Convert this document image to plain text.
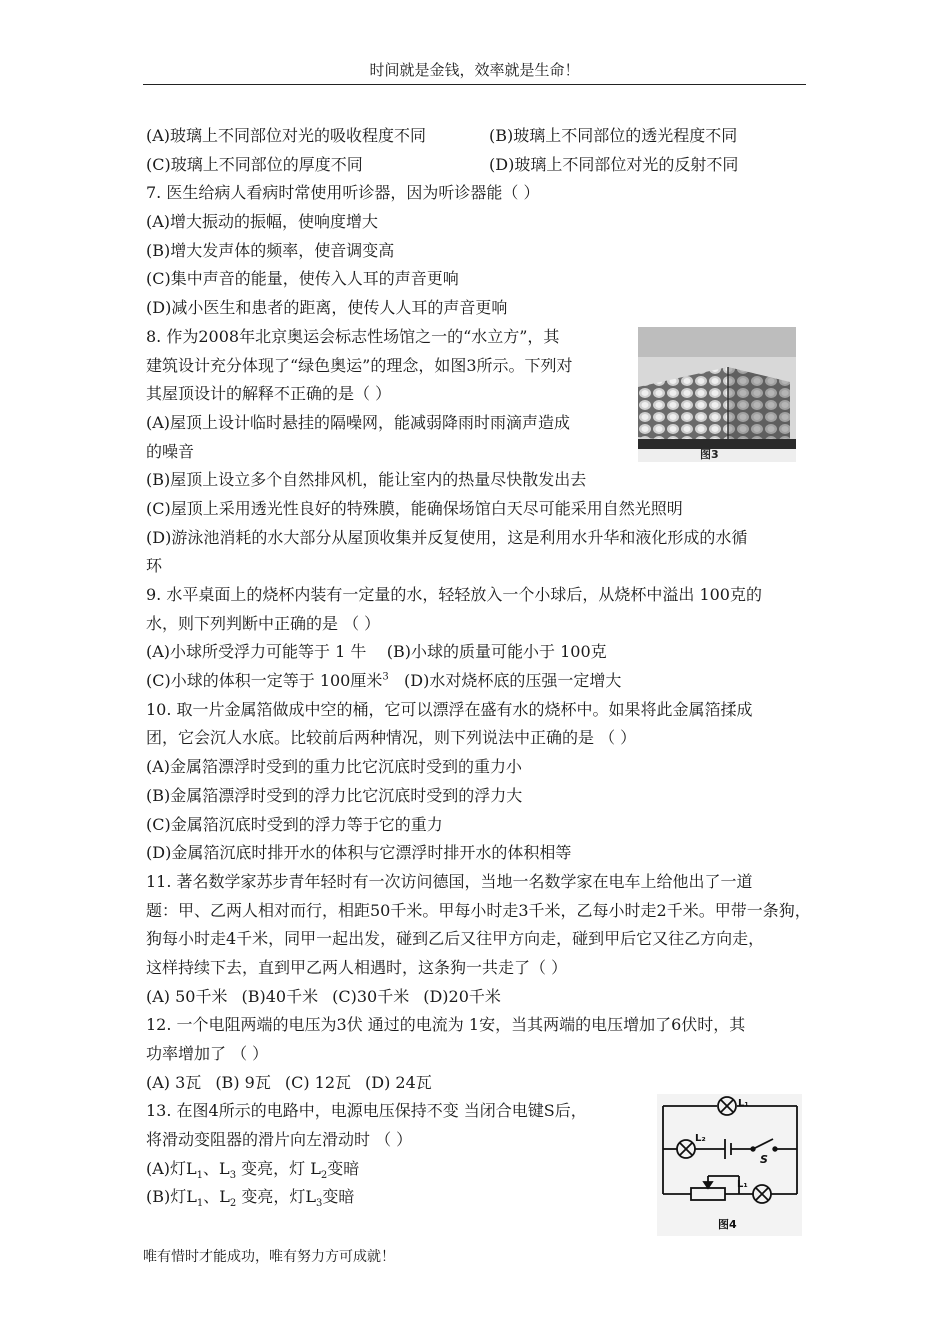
时间就是金钱，效率就是生命！
(A)玻璃上不同部位对光的吸收程度不同	(B)玻璃上不同部位的透光程度不同
(C)玻璃上不同部位的厚度不同	(D)玻璃上不同部位对光的反射不同
7. 医生给病人看病时常使用听诊器，因为听诊器能（ ）
(A)增大振动的振幅，使响度增大
(B)增大发声体的频率，使音调变高
(C)集中声音的能量，使传入人耳的声音更响
(D)减小医生和患者的距离，使传人人耳的声音更响
8. 作为2008年北京奥运会标志性场馆之一的“水立方”，其
建筑设计充分体现了“绿色奥运”的理念，如图3所示。下列对
其屋顶设计的解释不正确的是（ ）
(A)屋顶上设计临时悬挂的隔噪网，能减弱降雨时雨滴声造成
的噪音
(B)屋顶上设立多个自然排风机，能让室内的热量尽快散发出去
(C)屋顶上采用透光性良好的特殊膜，能确保场馆白天尽可能采用自然光照明
(D)游泳池消耗的水大部分从屋顶收集并反复使用，这是利用水升华和液化形成的水循
环
9. 水平桌面上的烧杯内装有一定量的水，轻轻放入一个小球后，从烧杯中溢出 100克的
水，则下列判断中正确的是 （ ）
(A)小球所受浮力可能等于 1 牛 (B)小球的质量可能小于 100克
(C)小球的体积一定等于 100厘米$^3$ (D)水对烧杯底的压强一定增大
10. 取一片金属箔做成中空的桶，它可以漂浮在盛有水的烧杯中。如果将此金属箔揉成
团，它会沉人水底。比较前后两种情况，则下列说法中正确的是 （ ）
(A)金属箔漂浮时受到的重力比它沉底时受到的重力小
(B)金属箔漂浮时受到的浮力比它沉底时受到的浮力大
(C)金属箔沉底时受到的浮力等于它的重力
(D)金属箔沉底时排开水的体积与它漂浮时排开水的体积相等
11. 著名数学家苏步青年轻时有一次访问德国，当地一名数学家在电车上给他出了一道
题：甲、乙两人相对而行，相距50千米。甲每小时走3千米，乙每小时走2千米。甲带一条狗，
狗每小时走4千米，同甲一起出发，碰到乙后又往甲方向走，碰到甲后它又往乙方向走，
这样持续下去，直到甲乙两人相遇时，这条狗一共走了（ ）
(A) 50千米 (B)40千米 (C)30千米 (D)20千米
12. 一个电阻两端的电压为3伏 通过的电流为 1安，当其两端的电压增加了6伏时，其
功率增加了 （ ）
(A) 3瓦 (B) 9瓦 (C) 12瓦 (D) 24瓦
13. 在图4所示的电路中，电源电压保持不变 当闭合电键S后，
将滑动变阻器的滑片向左滑动时 （ ）
(A)灯$L_1$、$L_3$ 变亮，灯 $L_2$变暗
(B)灯$L_1$、$L_2$ 变亮，灯$L_3$变暗
图3
L₁
L₂
S
L₁
图4
唯有惜时才能成功，唯有努力方可成就！
